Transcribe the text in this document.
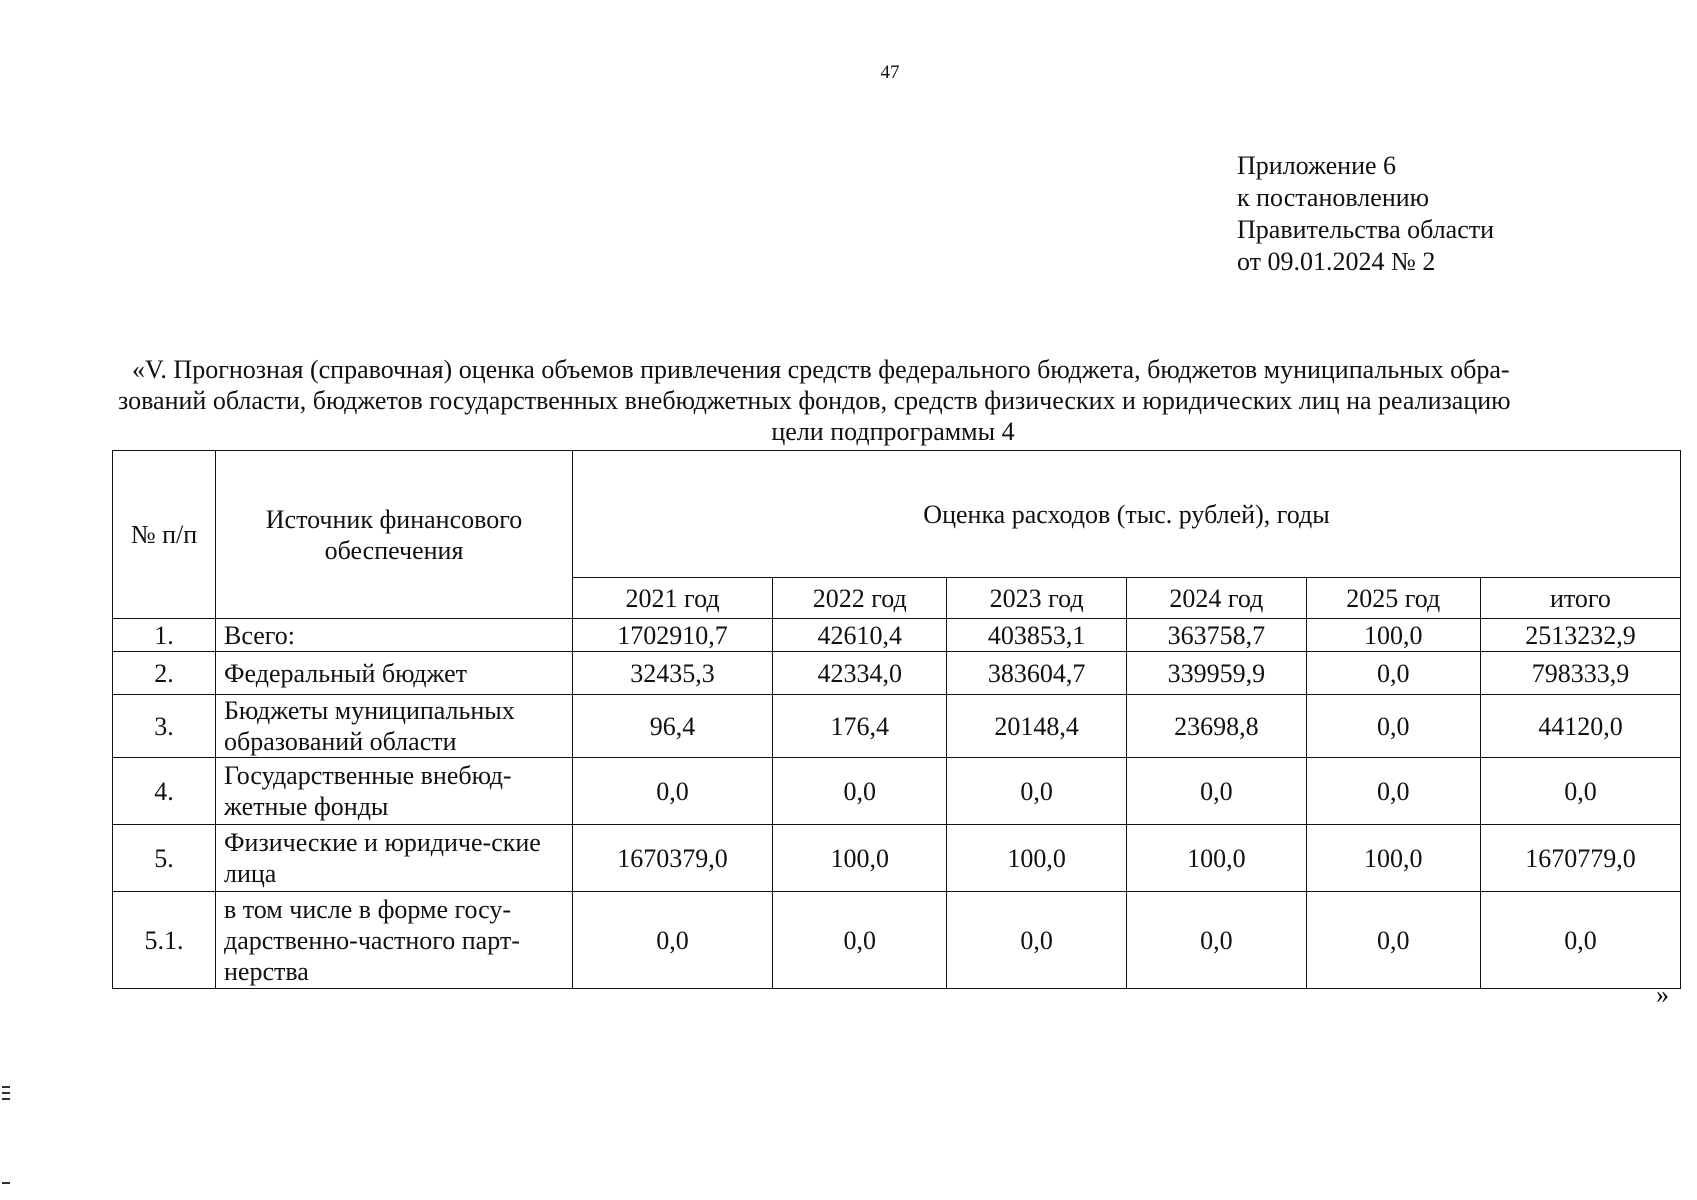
47
Приложение 6
к постановлению
Правительства области
от 09.01.2024 № 2
«V. Прогнозная (справочная) оценка объемов привлечения средств федерального бюджета, бюджетов муниципальных обра-
зований области, бюджетов государственных внебюджетных фондов, средств физических и юридических лиц на реализацию
цели подпрограммы 4
№ п/п	Источник финансового обеспечения	Оценка расходов (тыс. рублей), годы					
		2021 год	2022 год	2023 год	2024 год	2025 год	итого
1.	Всего:	1702910,7	42610,4	403853,1	363758,7	100,0	2513232,9
2.	Федеральный бюджет	32435,3	42334,0	383604,7	339959,9	0,0	798333,9
3.	Бюджеты муниципальных образований области	96,4	176,4	20148,4	23698,8	0,0	44120,0
4.	Государственные внебюд-жетные фонды	0,0	0,0	0,0	0,0	0,0	0,0
5.	Физические и юридиче-ские лица	1670379,0	100,0	100,0	100,0	100,0	1670779,0
5.1.	в том числе в форме госу-дарственно-частного парт-нерства	0,0	0,0	0,0	0,0	0,0	0,0
»
